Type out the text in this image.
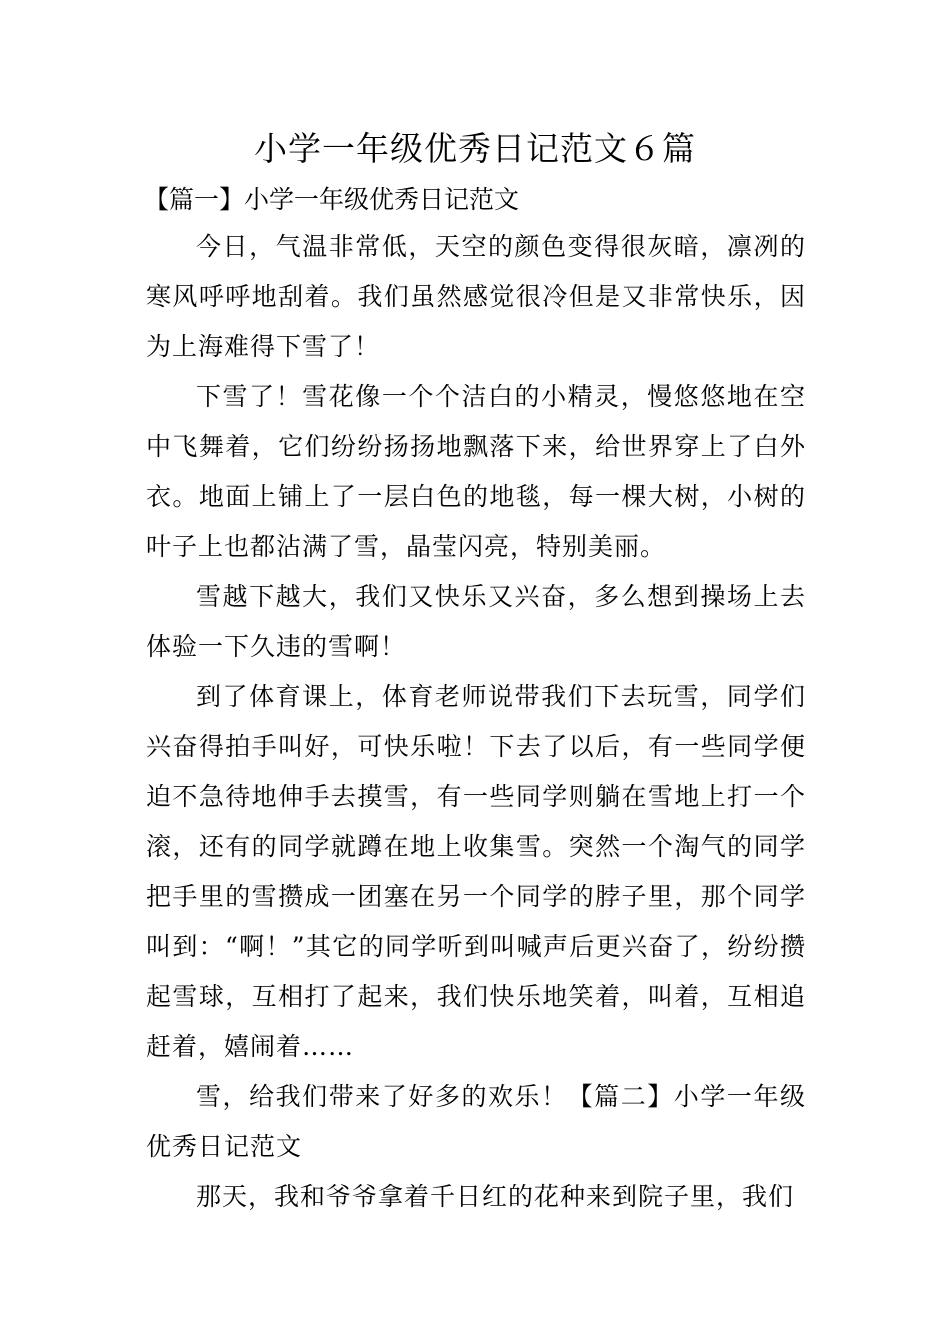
小学一年级优秀日记范文６篇
【篇一】小学一年级优秀日记范文

今日，气温非常低，天空的颜色变得很灰暗，凛冽的寒风呼呼地刮着。我们虽然感觉很冷但是又非常快乐，因为上海难得下雪了！

下雪了！雪花像一个个洁白的小精灵，慢悠悠地在空中飞舞着，它们纷纷扬扬地飘落下来，给世界穿上了白外衣。地面上铺上了一层白色的地毯，每一棵大树，小树的叶子上也都沾满了雪，晶莹闪亮，特别美丽。

雪越下越大，我们又快乐又兴奋，多么想到操场上去体验一下久违的雪啊！

到了体育课上，体育老师说带我们下去玩雪，同学们兴奋得拍手叫好，可快乐啦！下去了以后，有一些同学便迫不急待地伸手去摸雪，有一些同学则躺在雪地上打一个滚，还有的同学就蹲在地上收集雪。突然一个淘气的同学把手里的雪攒成一团塞在另一个同学的脖子里，那个同学叫到：“啊！”其它的同学听到叫喊声后更兴奋了，纷纷攒起雪球，互相打了起来，我们快乐地笑着，叫着，互相追赶着，嬉闹着……

雪，给我们带来了好多的欢乐！【篇二】小学一年级优秀日记范文

那天，我和爷爷拿着千日红的花种来到院子里，我们
